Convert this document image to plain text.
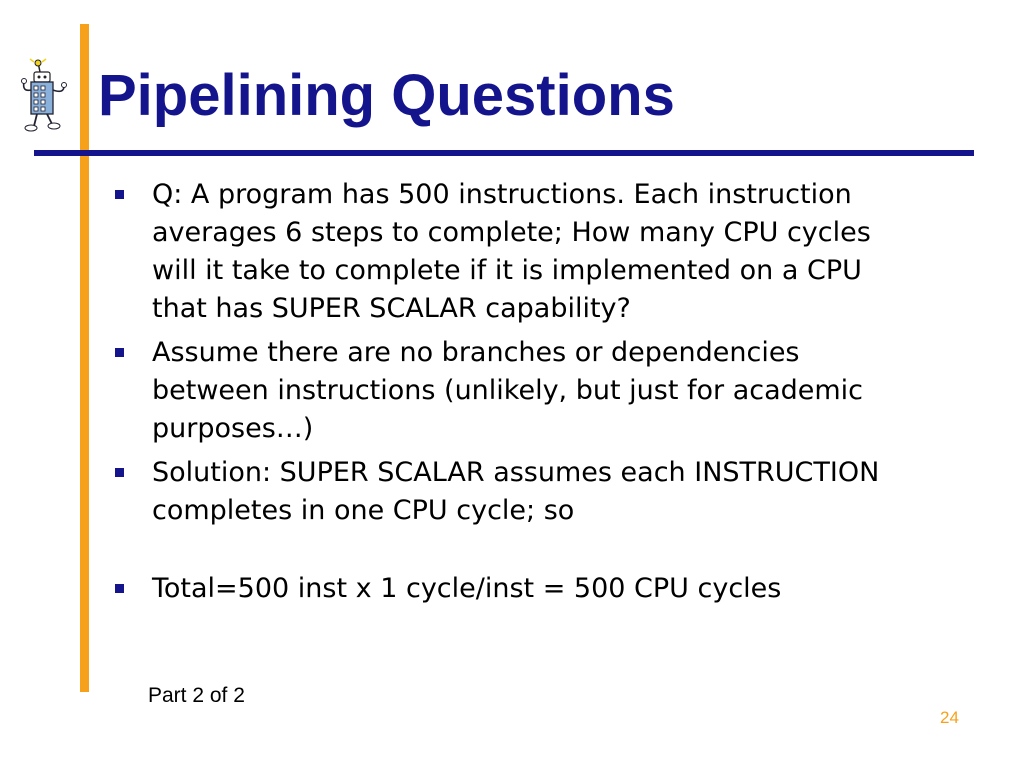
Pipelining Questions
Q: A program has 500 instructions. Each instruction averages 6 steps to complete; How many CPU cycles will it take to complete if it is implemented on a CPU that has SUPER SCALAR capability?
Assume there are no branches or dependencies between instructions (unlikely, but just for academic purposes…)
Solution: SUPER SCALAR assumes each INSTRUCTION completes in one CPU cycle; so
Total=500 inst x 1 cycle/inst = 500 CPU cycles
Part 2 of 2
24
